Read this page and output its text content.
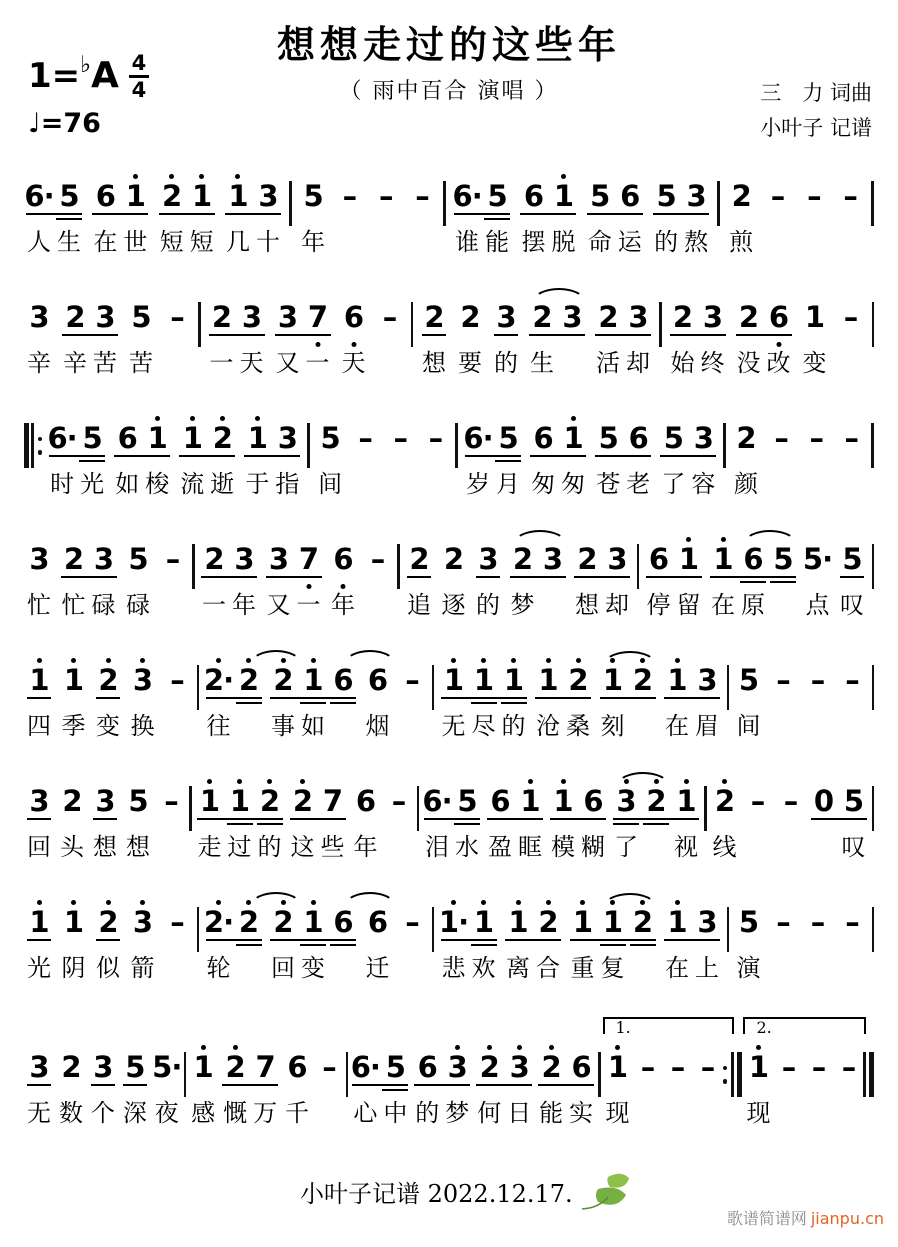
想想走过的这些年
（ 雨中百合 演唱 ）
1= ♭ A $\frac{4}{4}$
♩=76
三　力 词曲
小叶子 记谱
6· 5
人 生
6 1
在 世
2 1
短 短
1 3
几 十
5
年
– – – 6· 5
谁 能
6 1
摆 脱
5 6
命 运
5 3
的 熬
2
煎
– – –
3
辛
2 3
辛 苦
5
苦
– 2 3
一 天
3 7
又 一
6
天
– 2
想
2
要
3
的
2 3
生
2 3
活 却
2 3
始 终
2 6
没 改
1
变
–
6· 5
时 光
6 1
如 梭
1 2
流 逝
1 3
于 指
5
间
– – – 6· 5
岁 月
6 1
匆 匆
5 6
苍 老
5 3
了 容
2
颜
– – –
3
忙
2 3
忙 碌
5
碌
– 2 3
一 年
3 7
又 一
6
年
– 2
追
2
逐
3
的
2 3
梦
2 3
想 却
6 1
停 留
1 6 5
在 原
5·
点
5
叹
1
四
1
季
2
变
3
换
– 2· 2
往
2 1 6
事 如
6
烟
– 1 1 1
无 尽 的
1 2
沧 桑
1 2
刻
1 3
在 眉
5
间
– – –
3
回
2
头
3
想
5
想
– 1 1 2
走 过 的
2 7
这 些
6
年
– 6· 5
泪 水
6 1
盈 眶
1 6
模 糊
3 2 1
了 视
2
线
– – 0 5
叹
1
光
1
阴
2
似
3
箭
– 2· 2
轮
2 1 6
回 变
6
迁
– 1· 1
悲 欢
1 2
离 合
1 1 2
重 复
1 3
在 上
5
演
– – –
3
无
2
数
3
个
5
深
5·
夜
1
感
2 7
慨 万
6
千
– 6· 5
心 中
6 3
的 梦
2 3
何 日
2 6
能 实
1.
1
现
– – –
2.
1
现
– – –
小叶子记谱 2022.12.17.
歌谱简谱网 jianpu.cn
